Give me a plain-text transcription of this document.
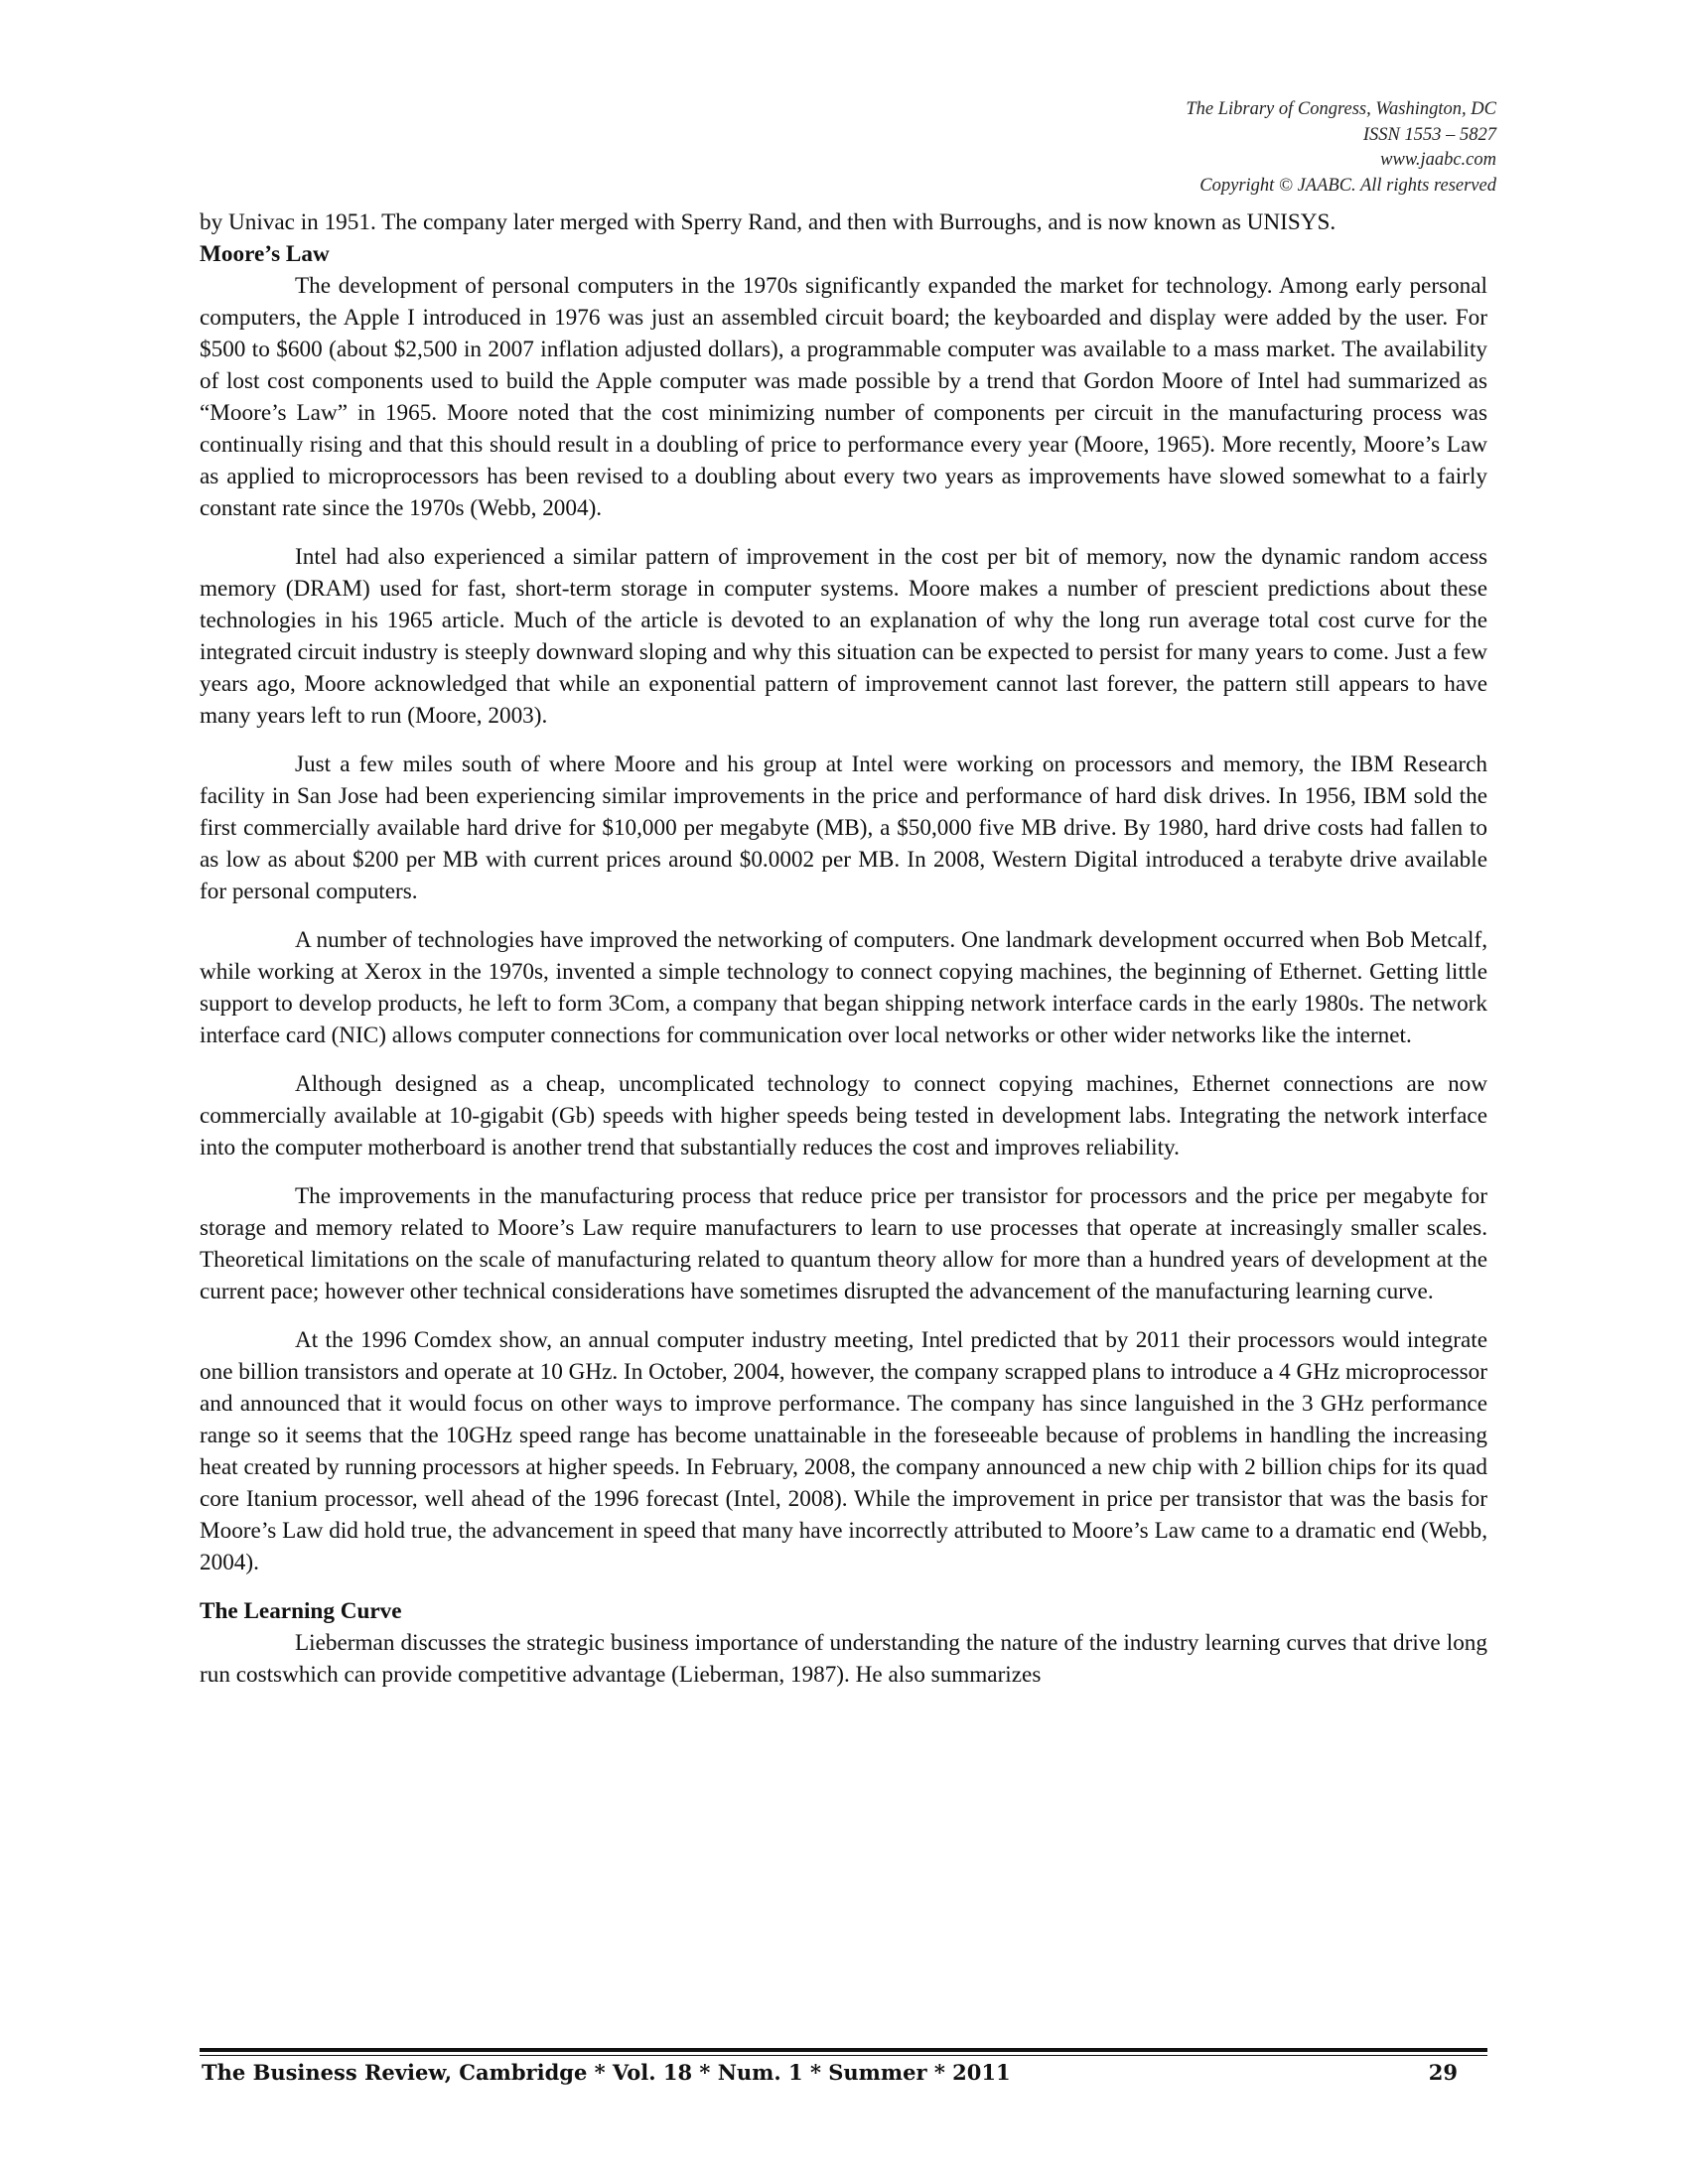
The Library of Congress, Washington, DC
ISSN 1553 – 5827
www.jaabc.com
Copyright © JAABC. All rights reserved

by Univac in 1951. The company later merged with Sperry Rand, and then with Burroughs, and is now known as UNISYS.

Moore’s Law

The development of personal computers in the 1970s significantly expanded the market for technology. Among early personal computers, the Apple I introduced in 1976 was just an assembled circuit board; the keyboarded and display were added by the user. For $500 to $600 (about $2,500 in 2007 inflation adjusted dollars), a programmable computer was available to a mass market. The availability of lost cost components used to build the Apple computer was made possible by a trend that Gordon Moore of Intel had summarized as “Moore’s Law” in 1965. Moore noted that the cost minimizing number of components per circuit in the manufacturing process was continually rising and that this should result in a doubling of price to performance every year (Moore, 1965). More recently, Moore’s Law as applied to microprocessors has been revised to a doubling about every two years as improvements have slowed somewhat to a fairly constant rate since the 1970s (Webb, 2004).

Intel had also experienced a similar pattern of improvement in the cost per bit of memory, now the dynamic random access memory (DRAM) used for fast, short-term storage in computer systems. Moore makes a number of prescient predictions about these technologies in his 1965 article. Much of the article is devoted to an explanation of why the long run average total cost curve for the integrated circuit industry is steeply downward sloping and why this situation can be expected to persist for many years to come. Just a few years ago, Moore acknowledged that while an exponential pattern of improvement cannot last forever, the pattern still appears to have many years left to run (Moore, 2003).

Just a few miles south of where Moore and his group at Intel were working on processors and memory, the IBM Research facility in San Jose had been experiencing similar improvements in the price and performance of hard disk drives. In 1956, IBM sold the first commercially available hard drive for $10,000 per megabyte (MB), a $50,000 five MB drive. By 1980, hard drive costs had fallen to as low as about $200 per MB with current prices around $0.0002 per MB. In 2008, Western Digital introduced a terabyte drive available for personal computers.

A number of technologies have improved the networking of computers. One landmark development occurred when Bob Metcalf, while working at Xerox in the 1970s, invented a simple technology to connect copying machines, the beginning of Ethernet. Getting little support to develop products, he left to form 3Com, a company that began shipping network interface cards in the early 1980s. The network interface card (NIC) allows computer connections for communication over local networks or other wider networks like the internet.

Although designed as a cheap, uncomplicated technology to connect copying machines, Ethernet connections are now commercially available at 10-gigabit (Gb) speeds with higher speeds being tested in development labs. Integrating the network interface into the computer motherboard is another trend that substantially reduces the cost and improves reliability.

The improvements in the manufacturing process that reduce price per transistor for processors and the price per megabyte for storage and memory related to Moore’s Law require manufacturers to learn to use processes that operate at increasingly smaller scales. Theoretical limitations on the scale of manufacturing related to quantum theory allow for more than a hundred years of development at the current pace; however other technical considerations have sometimes disrupted the advancement of the manufacturing learning curve.

At the 1996 Comdex show, an annual computer industry meeting, Intel predicted that by 2011 their processors would integrate one billion transistors and operate at 10 GHz. In October, 2004, however, the company scrapped plans to introduce a 4 GHz microprocessor and announced that it would focus on other ways to improve performance. The company has since languished in the 3 GHz performance range so it seems that the 10GHz speed range has become unattainable in the foreseeable because of problems in handling the increasing heat created by running processors at higher speeds. In February, 2008, the company announced a new chip with 2 billion chips for its quad core Itanium processor, well ahead of the 1996 forecast (Intel, 2008). While the improvement in price per transistor that was the basis for Moore’s Law did hold true, the advancement in speed that many have incorrectly attributed to Moore’s Law came to a dramatic end (Webb, 2004).

The Learning Curve

Lieberman discusses the strategic business importance of understanding the nature of the industry learning curves that drive long run costswhich can provide competitive advantage (Lieberman, 1987). He also summarizes

The Business Review, Cambridge * Vol. 18 * Num. 1 * Summer * 2011	29
